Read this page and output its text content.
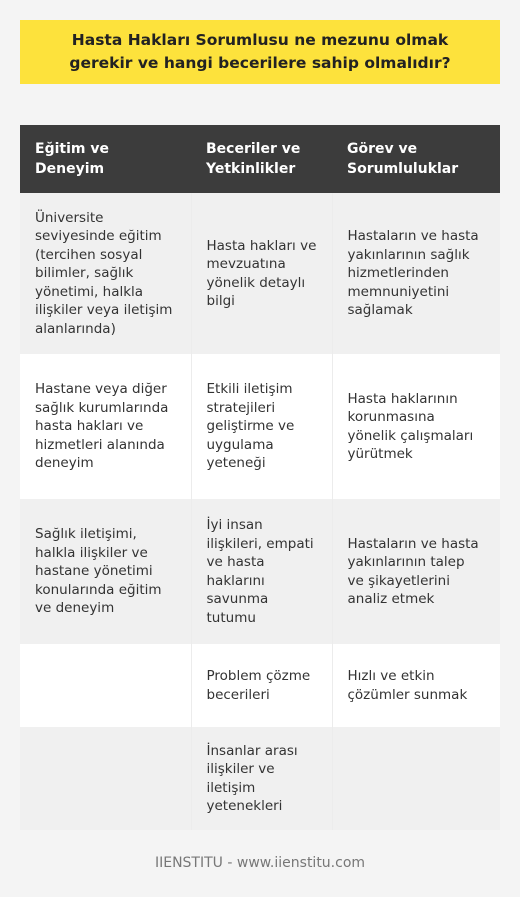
Hasta Hakları Sorumlusu ne mezunu olmak gerekir ve hangi becerilere sahip olmalıdır?
Eğitim ve Deneyim	Beceriler ve Yetkinlikler	Görev ve Sorumluluklar
Üniversite seviyesinde eğitim (tercihen sosyal bilimler, sağlık yönetimi, halkla ilişkiler veya iletişim alanlarında)	Hasta hakları ve mevzuatına yönelik detaylı bilgi	Hastaların ve hasta yakınlarının sağlık hizmetlerinden memnuniyetini sağlamak
Hastane veya diğer sağlık kurumlarında hasta hakları ve hizmetleri alanında deneyim	Etkili iletişim stratejileri geliştirme ve uygulama yeteneği	Hasta haklarının korunmasına yönelik çalışmaları yürütmek
Sağlık iletişimi, halkla ilişkiler ve hastane yönetimi konularında eğitim ve deneyim	İyi insan ilişkileri, empati ve hasta haklarını savunma tutumu	Hastaların ve hasta yakınlarının talep ve şikayetlerini analiz etmek
	Problem çözme becerileri	Hızlı ve etkin çözümler sunmak
	İnsanlar arası ilişkiler ve iletişim yetenekleri	
IIENSTITU - www.iienstitu.com
